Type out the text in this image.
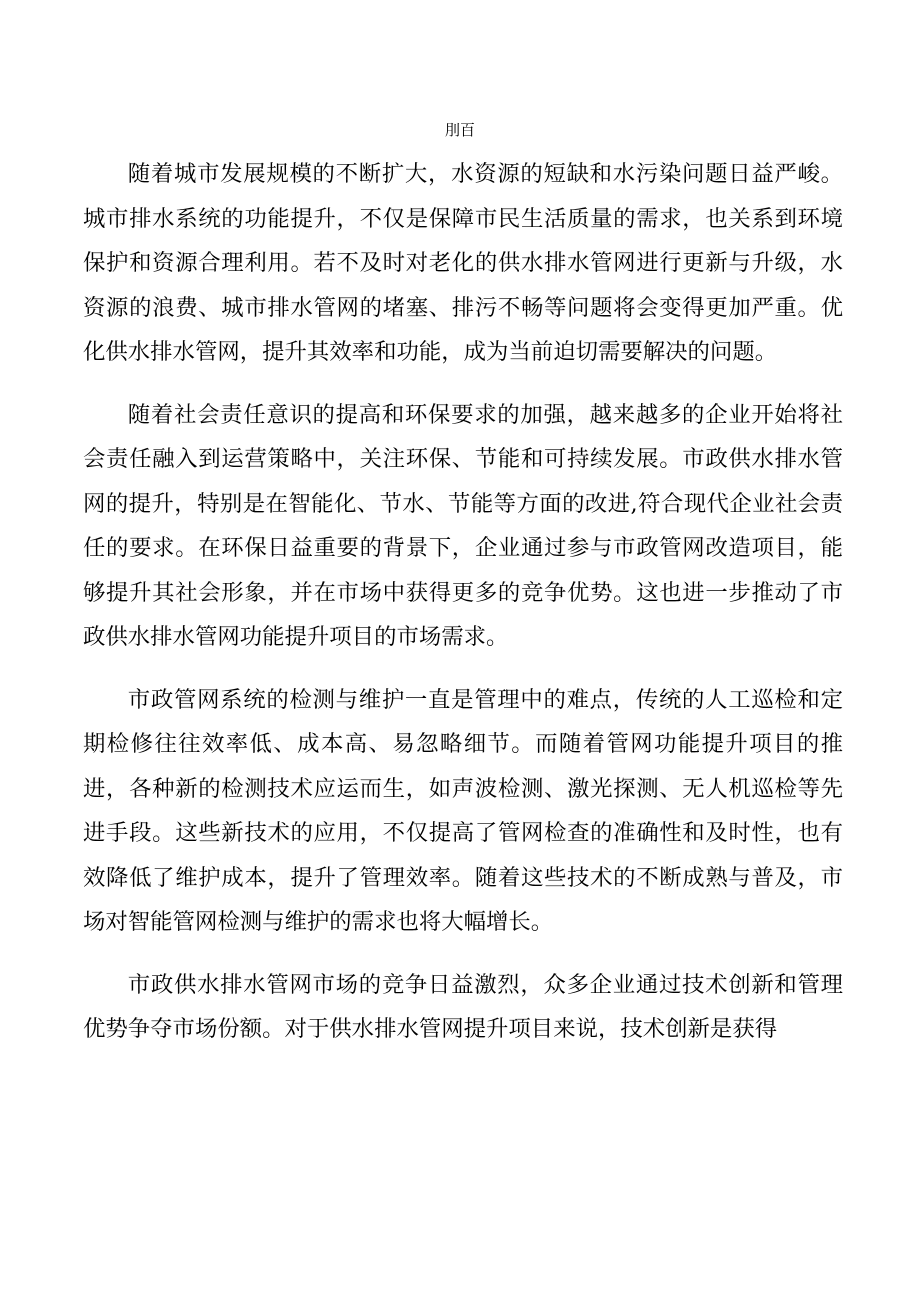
刖百

随着城市发展规模的不断扩大，水资源的短缺和水污染问题日益严峻。城市排水系统的功能提升，不仅是保障市民生活质量的需求，也关系到环境保护和资源合理利用。若不及时对老化的供水排水管网进行更新与升级，水资源的浪费、城市排水管网的堵塞、排污不畅等问题将会变得更加严重。优化供水排水管网，提升其效率和功能，成为当前迫切需要解决的问题。

随着社会责任意识的提高和环保要求的加强，越来越多的企业开始将社会责任融入到运营策略中，关注环保、节能和可持续发展。市政供水排水管网的提升，特别是在智能化、节水、节能等方面的改进,符合现代企业社会责任的要求。在环保日益重要的背景下，企业通过参与市政管网改造项目，能够提升其社会形象，并在市场中获得更多的竞争优势。这也进一步推动了市政供水排水管网功能提升项目的市场需求。

市政管网系统的检测与维护一直是管理中的难点，传统的人工巡检和定期检修往往效率低、成本高、易忽略细节。而随着管网功能提升项目的推进，各种新的检测技术应运而生，如声波检测、激光探测、无人机巡检等先进手段。这些新技术的应用，不仅提高了管网检查的准确性和及时性，也有效降低了维护成本，提升了管理效率。随着这些技术的不断成熟与普及，市场对智能管网检测与维护的需求也将大幅增长。

市政供水排水管网市场的竞争日益激烈，众多企业通过技术创新和管理优势争夺市场份额。对于供水排水管网提升项目来说，技术创新是获得
